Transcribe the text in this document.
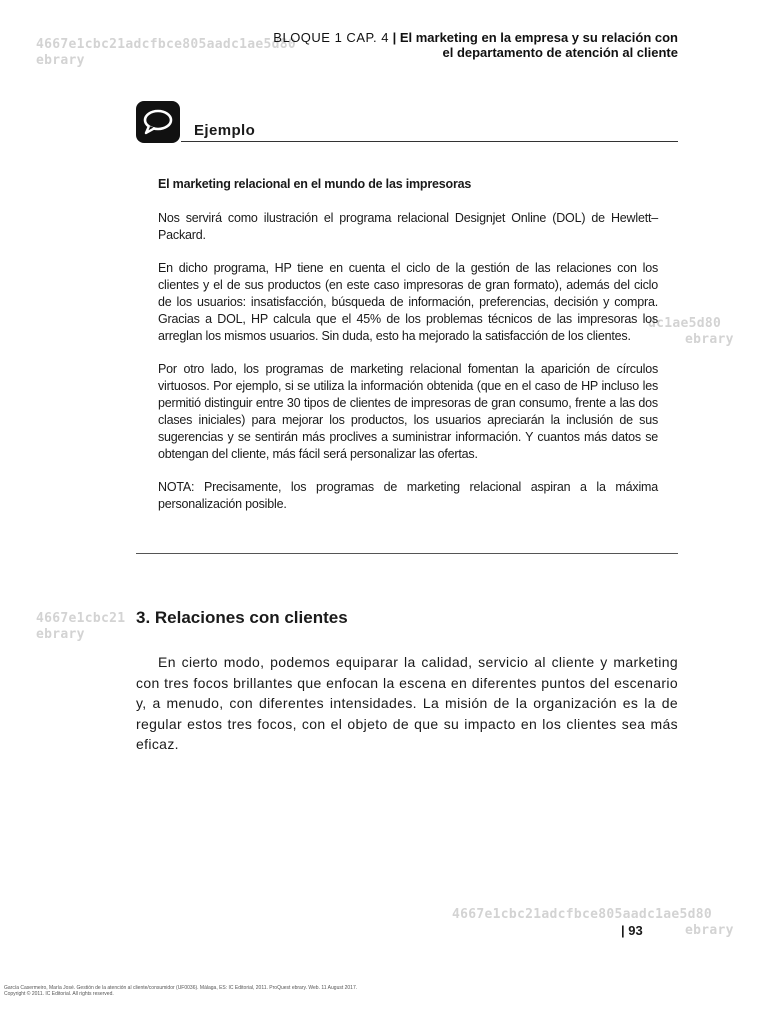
4667e1cbc21adcfbce805aadc1ae5d80
ebrary
dc1ae5d80
ebrary
4667e1cbc21
ebrary
4667e1cbc21adcfbce805aadc1ae5d80
ebrary
BLOQUE 1 CAP. 4 | El marketing en la empresa y su relación con
el departamento de atención al cliente
Ejemplo

El marketing relacional en el mundo de las impresoras

Nos servirá como ilustración el programa relacional Designjet Online (DOL) de Hewlett–Packard.

En dicho programa, HP tiene en cuenta el ciclo de la gestión de las relaciones con los clientes y el de sus productos (en este caso impresoras de gran formato), además del ciclo de los usuarios: insatisfacción, búsqueda de información, preferencias, decisión y compra. Gracias a DOL, HP calcula que el 45% de los problemas técnicos de las impresoras los arreglan los mismos usuarios. Sin duda, esto ha mejorado la satisfacción de los clientes.

Por otro lado, los programas de marketing relacional fomentan la aparición de círculos virtuosos. Por ejemplo, si se utiliza la información obtenida (que en el caso de HP incluso les permitió distinguir entre 30 tipos de clientes de impresoras de gran consumo, frente a las dos clases iniciales) para mejorar los productos, los usuarios apreciarán la inclusión de sus sugerencias y se sentirán más proclives a suministrar información. Y cuantos más datos se obtengan del cliente, más fácil será personalizar las ofertas.

NOTA: Precisamente, los programas de marketing relacional aspiran a la máxima personalización posible.

3. Relaciones con clientes

En cierto modo, podemos equiparar la calidad, servicio al cliente y marketing con tres focos brillantes que enfocan la escena en diferentes puntos del escenario y, a menudo, con diferentes intensidades. La misión de la organización es la de regular estos tres focos, con el objeto de que su impacto en los clientes sea más eficaz.

| 93
García Casermeiro, María José. Gestión de la atención al cliente/consumidor (UF0036). Málaga, ES: IC Editorial, 2011. ProQuest ebrary. Web. 11 August 2017.
Copyright © 2011. IC Editorial. All rights reserved.
